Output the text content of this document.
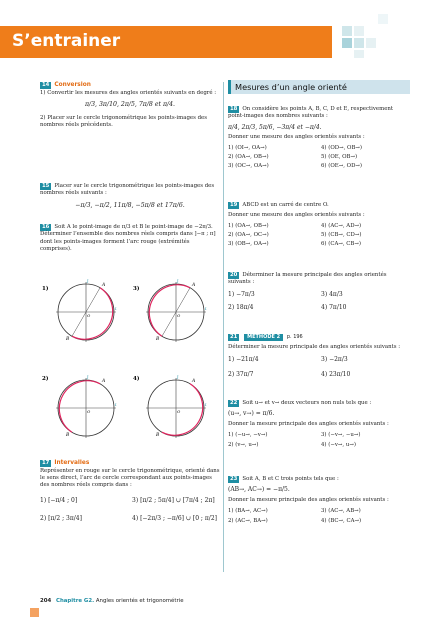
S’entrainer
14 Conversion
1) Convertir les mesures des angles orientés suivants en degré :
π/3, 3π/10, 2π/5, 7π/8 et π/4.
2) Placer sur le cercle trigonométrique les points-images des nombres réels précédents.
15 Placer sur le cercle trigonométrique les points-images des nombres réels suivants :
−π/3, −π/2, 11π/8, −5π/8 et 17π/6.
16 Soit A le point-image de π/3 et B le point-image de −2π/3. Déterminer l’ensemble des nombres réels compris dans ]−π ; π] dont les points-images forment l’arc rouge (extrémités comprises).
1)
A
B
I
J
O
3)
A
B
I
J
O
2)	A
B
I
J
O
4)	A
B
I
J
O
17 Intervalles
Représenter en rouge sur le cercle trigonométrique, orienté dans le sens direct, l’arc de cercle correspondant aux points-images des nombres réels compris dans :
1) [−π/4 ; 0]	3) [π/2 ; 5π/4] ∪ [7π/4 ; 2π]
2) [π/2 ; 3π/4]	4) [−2π/3 ; −π/6] ∪ [0 ; π/2]
Mesures d’un angle orienté
18 On considère les points A, B, C, D et E, respectivement point-images des nombres suivants :
π/4, 2π/3, 5π/6, −3π/4 et −π/4.
Donner une mesure des angles orientés suivants :
1) (OI→, OA→)	4) (OD→, OB→)
2) (OA→, OB→)	5) (OE, OB→)
3) (OC→, OA→)	6) (OE→, OD→)
19 ABCD est un carré de centre O.
Donner une mesure des angles orientés suivants :
1) (OA→, OB→)	4) (AC→, AD→)
2) (OA→, OC→)	5) (CB→, CD→)
3) (OB→, OA→)	6) (CA→, CB→)
20 Déterminer la mesure principale des angles orientés suivants :
1) −7π/3	3) 4π/3
2) 18π/4	4) 7π/10
21 MÉTHODE 2 p. 196
Déterminer la mesure principale des angles orientés suivants :
1) −21π/4	3) −2π/3
2) 37π/7	4) 23π/10
22 Soit u→ et v→ deux vecteurs non nuls tels que :
(u→, v→) = π/6.
Donner la mesure principale des angles orientés suivants :
1) (−u→, −v→)	3) (−v→, −u→)
2) (v→, u→)	4) (−v→, u→)
23 Soit A, B et C trois points tels que :
(AB→, AC→) = −π/5.
Donner la mesure principale des angles orientés suivants :
1) (BA→, AC→)	3) (AC→, AB→)
2) (AC→, BA→)	4) (BC→, CA→)
204 Chapitre G2. Angles orientés et trigonométrie
